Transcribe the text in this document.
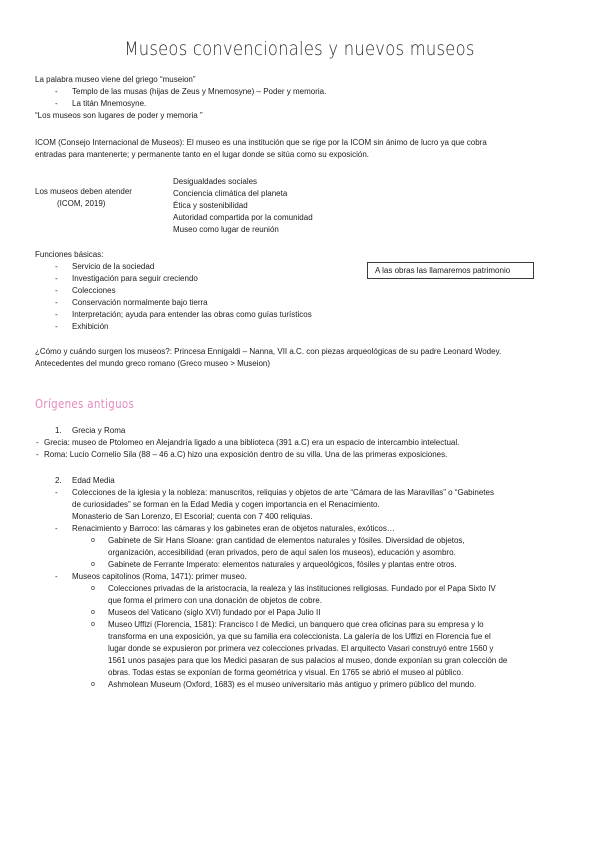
Museos convencionales y nuevos museos
La palabra museo viene del griego “museion”
- Templo de las musas (hijas de Zeus y Mnemosyne) – Poder y memoria.
- La titán Mnemosyne.
“Los museos son lugares de poder y memoria ”
ICOM (Consejo Internacional de Museos): El museo es una institución que se rige por la ICOM sin ánimo de lucro ya que cobra
entradas para mantenerte; y permanente tanto en el lugar donde se sitúa como su exposición.
Los museos deben atender
(ICOM, 2019)
Desigualdades sociales
Conciencia climática del planeta
Ética y sostenibilidad
Autoridad compartida por la comunidad
Museo como lugar de reunión
Funciones básicas:
- Servicio de la sociedad
- Investigación para seguir creciendo
- Colecciones
- Conservación normalmente bajo tierra
- Interpretación; ayuda para entender las obras como guías turísticos
- Exhibición
A las obras las llamaremos patrimonio
¿Cómo y cuándo surgen los museos?: Princesa Ennigaldi – Nanna, VII a.C. con piezas arqueológicas de su padre Leonard Wodey.
Antecedentes del mundo greco romano (Greco museo > Museion)
Orígenes antiguos
1. Grecia y Roma
- Grecia: museo de Ptolomeo en Alejandría ligado a una biblioteca (391 a.C) era un espacio de intercambio intelectual.
- Roma: Lucio Cornelio Sila (88 – 46 a.C) hizo una exposición dentro de su villa. Una de las primeras exposiciones.
2. Edad Media
- Colecciones de la iglesia y la nobleza: manuscritos, reliquias y objetos de arte “Cámara de las Maravillas” o “Gabinetes
de curiosidades” se forman en la Edad Media y cogen importancia en el Renacimiento.
Monasterio de San Lorenzo, El Escorial; cuenta con 7 400 reliquias.
- Renacimiento y Barroco: las cámaras y los gabinetes eran de objetos naturales, exóticos…
o Gabinete de Sir Hans Sloane: gran cantidad de elementos naturales y fósiles. Diversidad de objetos,
organización, accesibilidad (eran privados, pero de aquí salen los museos), educación y asombro.
o Gabinete de Ferrante Imperato: elementos naturales y arqueológicos, fósiles y plantas entre otros.
- Museos capitolinos (Roma, 1471): primer museo.
o Colecciones privadas de la aristocracia, la realeza y las instituciones religiosas. Fundado por el Papa Sixto IV
que forma el primero con una donación de objetos de cobre.
o Museos del Vaticano (siglo XVI) fundado por el Papa Julio II
o Museo Uffizi (Florencia, 1581): Francisco I de Medici, un banquero que crea oficinas para su empresa y lo
transforma en una exposición, ya que su familia era coleccionista. La galería de los Uffizi en Florencia fue el
lugar donde se expusieron por primera vez colecciones privadas. El arquitecto Vasari construyó entre 1560 y
1561 unos pasajes para que los Medici pasaran de sus palacios al museo, donde exponían su gran colección de
obras. Todas estas se exponían de forma geométrica y visual. En 1765 se abrió el museo al público.
o Ashmolean Museum (Oxford, 1683) es el museo universitario más antiguo y primero público del mundo.
